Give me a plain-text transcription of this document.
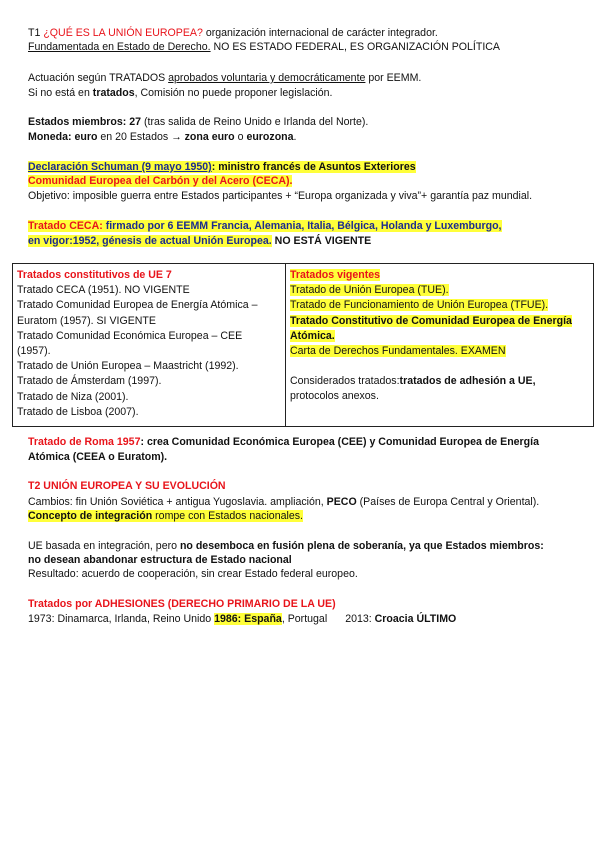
T1 ¿QUÉ ES LA UNIÓN EUROPEA? organización internacional de carácter integrador.
Fundamentada en Estado de Derecho. NO ES ESTADO FEDERAL, ES ORGANIZACIÓN POLÍTICA
Actuación según TRATADOS aprobados voluntaria y democráticamente por EEMM.
Si no está en tratados, Comisión no puede proponer legislación.
Estados miembros: 27 (tras salida de Reino Unido e Irlanda del Norte).
Moneda: euro en 20 Estados → zona euro o eurozona.
Declaración Schuman (9 mayo 1950): ministro francés de Asuntos Exteriores
Comunidad Europea del Carbón y del Acero (CECA).
Objetivo: imposible guerra entre Estados participantes + “Europa organizada y viva”+ garantía paz mundial.
Tratado CECA: firmado por 6 EEMM Francia, Alemania, Italia, Bélgica, Holanda y Luxemburgo,
en vigor:1952, génesis de actual Unión Europea. NO ESTÁ VIGENTE
Tratados constitutivos de UE 7
Tratado CECA (1951). NO VIGENTE
Tratado Comunidad Europea de Energía Atómica –
Euratom (1957). SI VIGENTE
Tratado Comunidad Económica Europea – CEE
(1957).
Tratado de Unión Europea – Maastricht (1992).
Tratado de Ámsterdam (1997).
Tratado de Niza (2001).
Tratado de Lisboa (2007).

Tratados vigentes
Tratado de Unión Europea (TUE).
Tratado de Funcionamiento de Unión Europea (TFUE).
Tratado Constitutivo de Comunidad Europea de Energía
Atómica.
Carta de Derechos Fundamentales. EXAMEN
Considerados tratados:tratados de adhesión a UE,
protocolos anexos.
Tratado de Roma 1957: crea Comunidad Económica Europea (CEE) y Comunidad Europea de Energía
Atómica (CEEA o Euratom).
T2 UNIÓN EUROPEA Y SU EVOLUCIÓN
Cambios: fin Unión Soviética + antigua Yugoslavia. ampliación, PECO (Países de Europa Central y Oriental).
Concepto de integración rompe con Estados nacionales.
UE basada en integración, pero no desemboca en fusión plena de soberanía, ya que Estados miembros:
no desean abandonar estructura de Estado nacional
Resultado: acuerdo de cooperación, sin crear Estado federal europeo.
Tratados por ADHESIONES (DERECHO PRIMARIO DE LA UE)
1973: Dinamarca, Irlanda, Reino Unido 1986: España, Portugal 2013: Croacia ÚLTIMO
